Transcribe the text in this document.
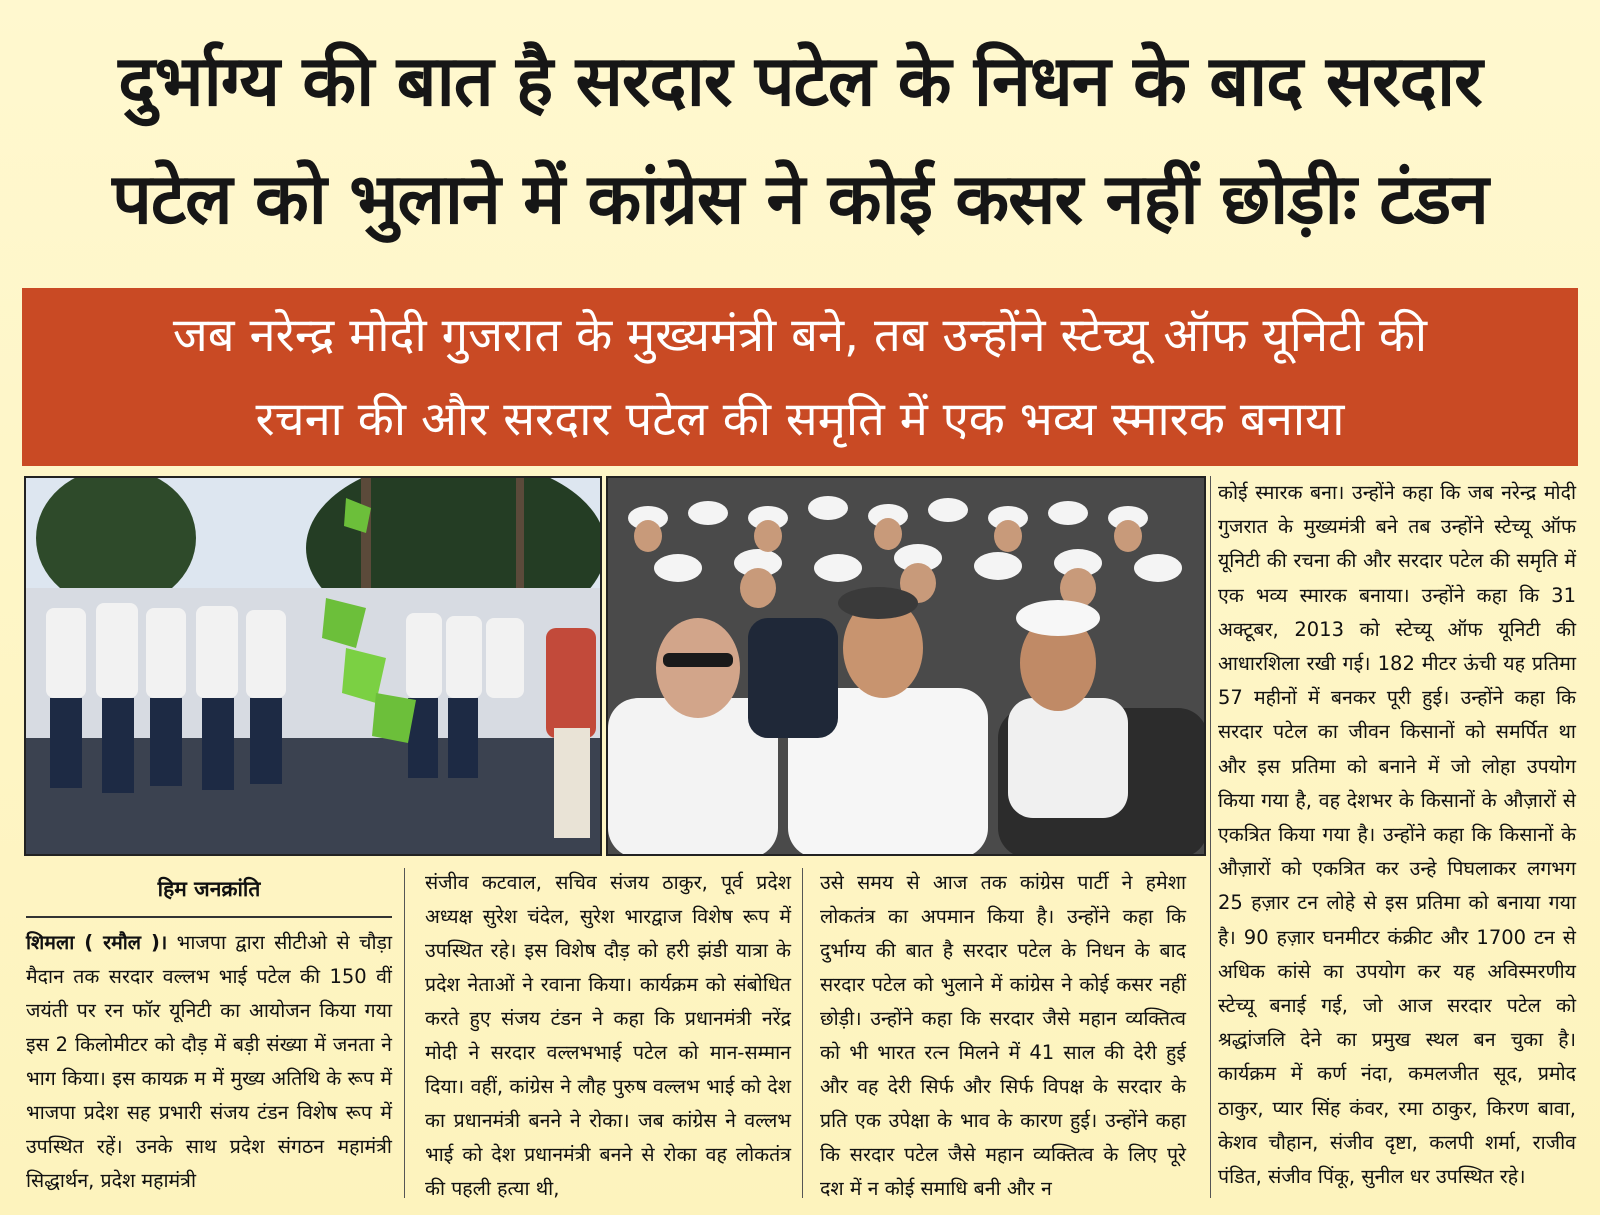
दुर्भाग्य की बात है सरदार पटेल के निधन के बाद सरदार
पटेल को भुलाने में कांग्रेस ने कोई कसर नहीं छोड़ीः टंडन
जब नरेन्द्र मोदी गुजरात के मुख्यमंत्री बने, तब उन्होंने स्टेच्यू ऑफ यूनिटी की
रचना की और सरदार पटेल की समृति में एक भव्य स्मारक बनाया
हिम जनक्रांति

शिमला ( रमौल )। भाजपा द्वारा सीटीओ से चौड़ा मैदान तक सरदार वल्लभ भाई पटेल की 150 वीं जयंती पर रन फॉर यूनिटी का आयोजन किया गया इस 2 किलोमीटर को दौड़ में बड़ी संख्या में जनता ने भाग किया। इस कायक्र म में मुख्य अतिथि के रूप में भाजपा प्रदेश सह प्रभारी संजय टंडन विशेष रूप में उपस्थित रहें। उनके साथ प्रदेश संगठन महामंत्री सिद्धार्थन, प्रदेश महामंत्री

संजीव कटवाल, सचिव संजय ठाकुर, पूर्व प्रदेश अध्यक्ष सुरेश चंदेल, सुरेश भारद्वाज विशेष रूप में उपस्थित रहे। इस विशेष दौड़ को हरी झंडी यात्रा के प्रदेश नेताओं ने रवाना किया। कार्यक्रम को संबोधित करते हुए संजय टंडन ने कहा कि प्रधानमंत्री नरेंद्र मोदी ने सरदार वल्लभभाई पटेल को मान-सम्मान दिया। वहीं, कांग्रेस ने लौह पुरुष वल्लभ भाई को देश का प्रधानमंत्री बनने ने रोका। जब कांग्रेस ने वल्लभ भाई को देश प्रधानमंत्री बनने से रोका वह लोकतंत्र की पहली हत्या थी,

उसे समय से आज तक कांग्रेस पार्टी ने हमेशा लोकतंत्र का अपमान किया है। उन्होंने कहा कि दुर्भाग्य की बात है सरदार पटेल के निधन के बाद सरदार पटेल को भुलाने में कांग्रेस ने कोई कसर नहीं छोड़ी। उन्होंने कहा कि सरदार जैसे महान व्यक्तित्व को भी भारत रत्न मिलने में 41 साल की देरी हुई और वह देरी सिर्फ और सिर्फ विपक्ष के सरदार के प्रति एक उपेक्षा के भाव के कारण हुई। उन्होंने कहा कि सरदार पटेल जैसे महान व्यक्तित्व के लिए पूरे दश में न कोई समाधि बनी और न

कोई स्मारक बना। उन्होंने कहा कि जब नरेन्द्र मोदी गुजरात के मुख्यमंत्री बने तब उन्होंने स्टेच्यू ऑफ यूनिटी की रचना की और सरदार पटेल की समृति में एक भव्य स्मारक बनाया। उन्होंने कहा कि 31 अक्टूबर, 2013 को स्टेच्यू ऑफ यूनिटी की आधारशिला रखी गई। 182 मीटर ऊंची यह प्रतिमा 57 महीनों में बनकर पूरी हुई। उन्होंने कहा कि सरदार पटेल का जीवन किसानों को समर्पित था और इस प्रतिमा को बनाने में जो लोहा उपयोग किया गया है, वह देशभर के किसानों के औज़ारों से एकत्रित किया गया है। उन्होंने कहा कि किसानों के औज़ारों को एकत्रित कर उन्हे पिघलाकर लगभग 25 हज़ार टन लोहे से इस प्रतिमा को बनाया गया है। 90 हज़ार घनमीटर कंक्रीट और 1700 टन से अधिक कांसे का उपयोग कर यह अविस्मरणीय स्टेच्यू बनाई गई, जो आज सरदार पटेल को श्रद्धांजलि देने का प्रमुख स्थल बन चुका है। कार्यक्रम में कर्ण नंदा, कमलजीत सूद, प्रमोद ठाकुर, प्यार सिंह कंवर, रमा ठाकुर, किरण बावा, केशव चौहान, संजीव दृष्टा, कलपी शर्मा, राजीव पंडित, संजीव पिंकू, सुनील धर उपस्थित रहे।
